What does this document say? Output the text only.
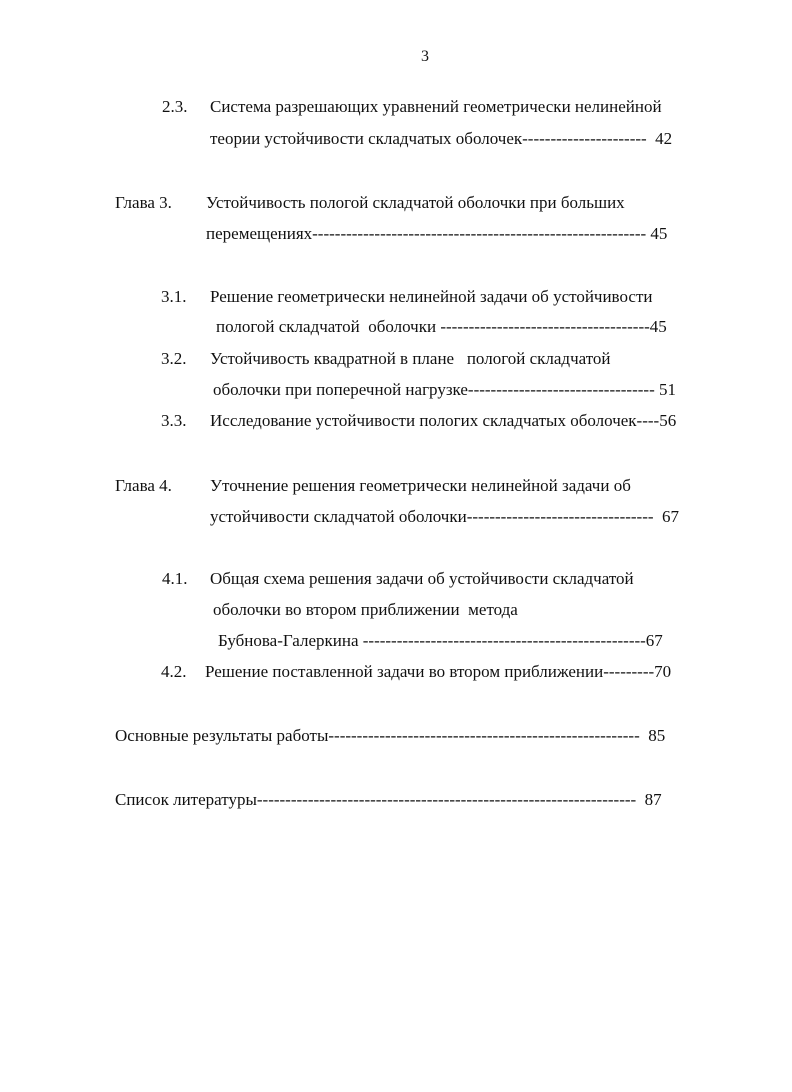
3
2.3. Система разрешающих уравнений геометрически нелинейной
теории устойчивости складчатых оболочек----------------------  42
Глава 3. Устойчивость пологой складчатой оболочки при больших
перемещениях----------------------------------------------------------- 45
3.1. Решение геометрически нелинейной задачи об устойчивости
пологой складчатой  оболочки -------------------------------------45
3.2. Устойчивость квадратной в плане   пологой складчатой
оболочки при поперечной нагрузке--------------------------------- 51
3.3. Исследование устойчивости пологих складчатых оболочек----56
Глава 4. Уточнение решения геометрически нелинейной задачи об
устойчивости складчатой оболочки---------------------------------  67
4.1. Общая схема решения задачи об устойчивости складчатой
оболочки во втором приближении  метода
Бубнова-Галеркина --------------------------------------------------67
4.2. Решение поставленной задачи во втором приближении---------70
Основные результаты работы-------------------------------------------------------  85
Список литературы-------------------------------------------------------------------  87
